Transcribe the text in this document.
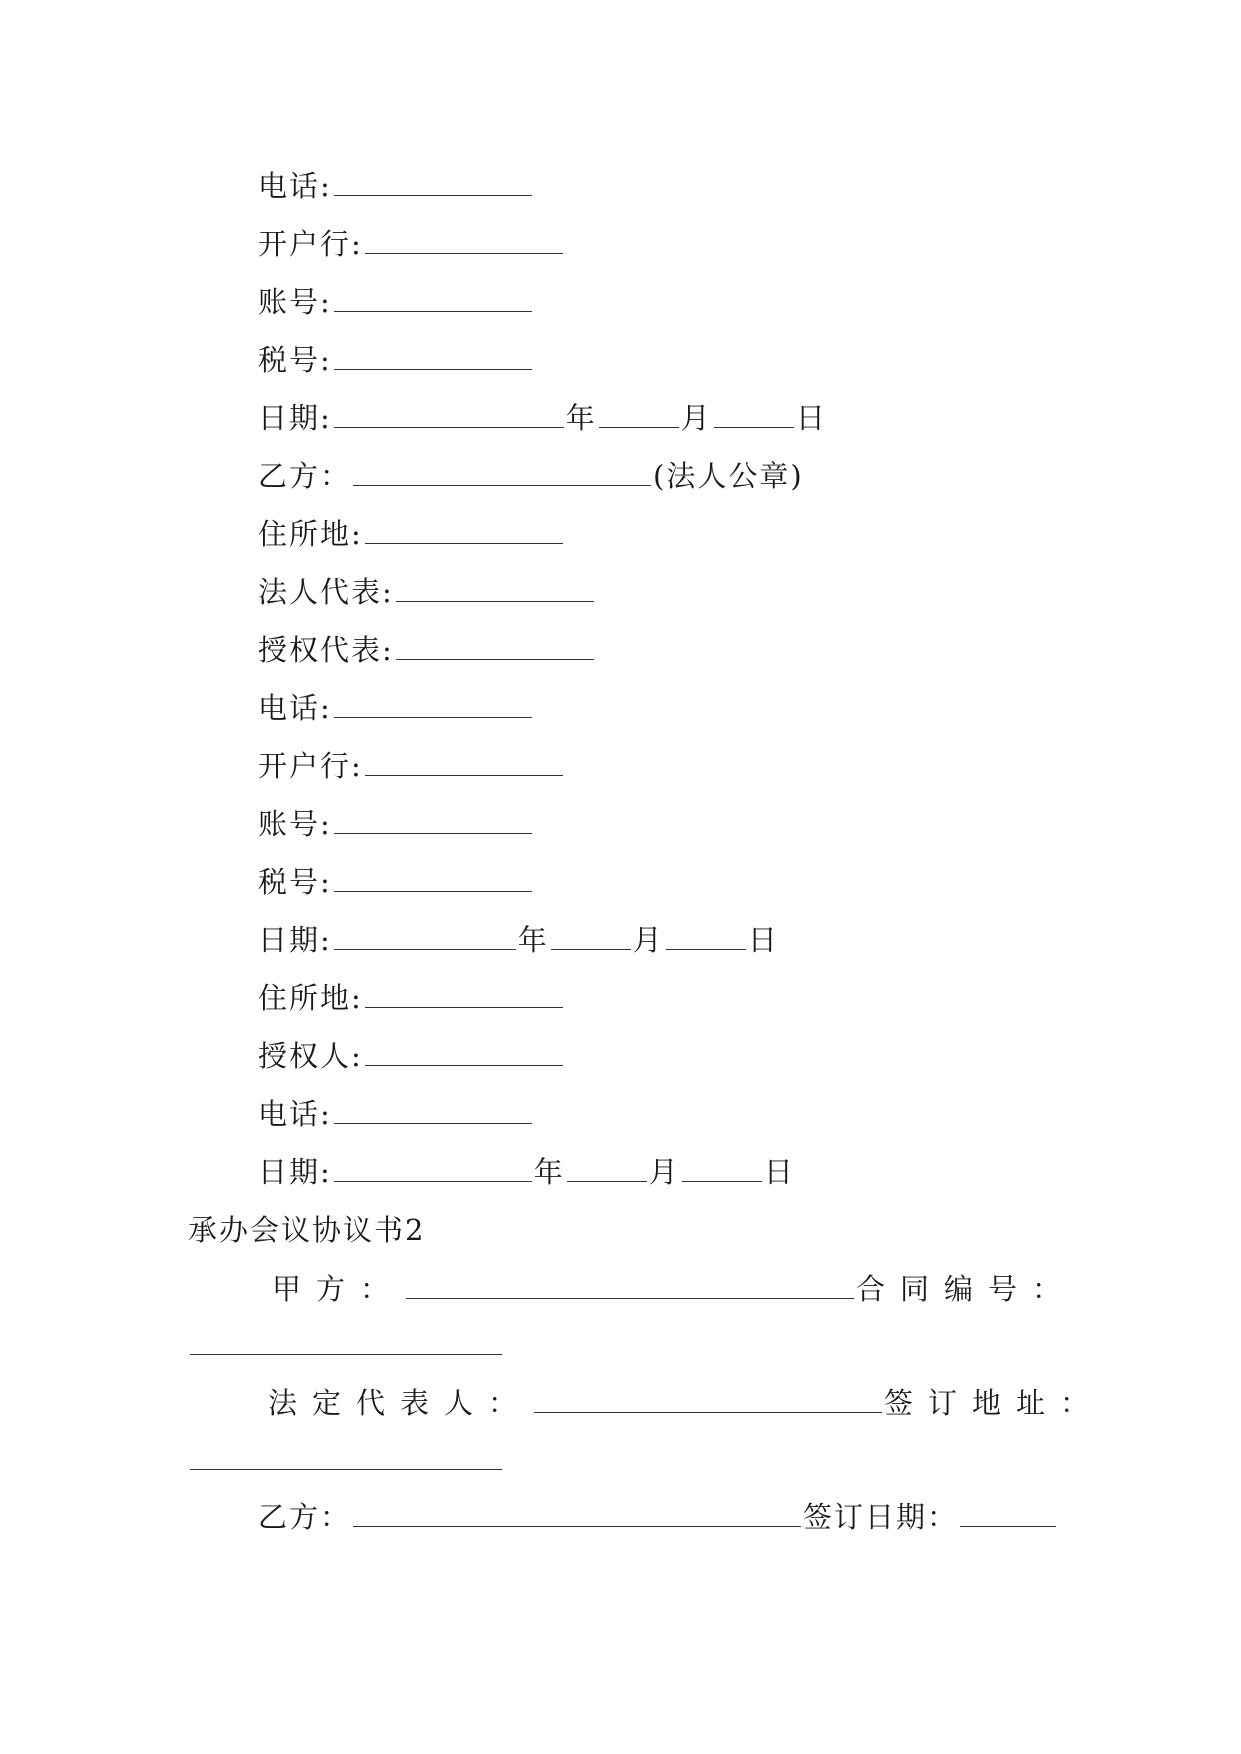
电话:
开户行:
账号:
税号:
日期:	年	月	日
乙方：	(法人公章)
住所地:
法人代表:
授权代表:
电话:
开户行:
账号:
税号:
日期:	年	月	日
住所地:
授权人:
电话:
日期:	年	月	日
承办会议协议书2
甲方：	合同编号：
法定代表人：	签订地址：
乙方：	签订日期：
